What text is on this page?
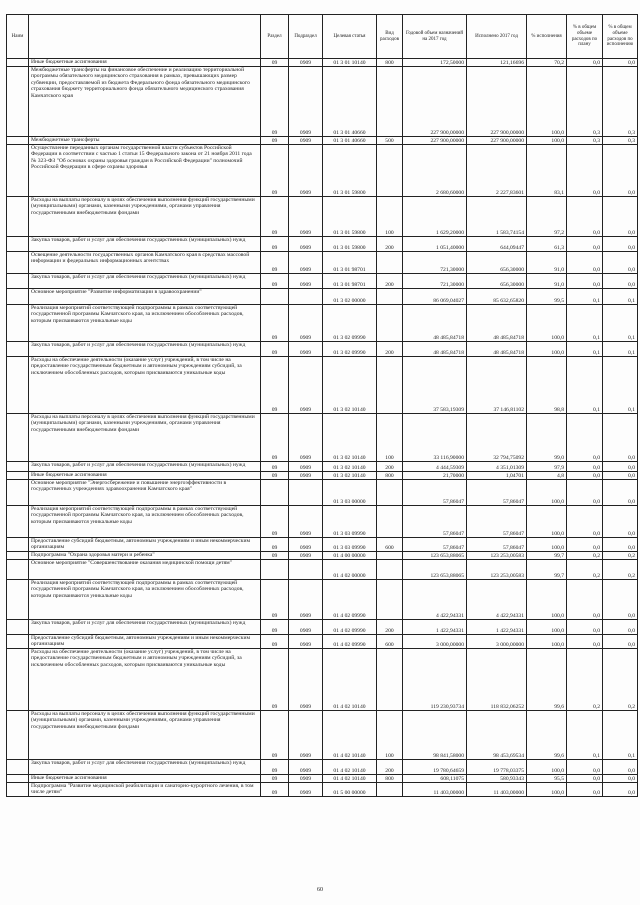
Наим		Раздел	Подраздел	Целевая статья	Вид расходов	Годовой объем назначений на 2017 год	Исполнено 2017 год	% исполнения	% в общем объеме расходов по плану	% в общем объеме расходов по исполнению
	Иные бюджетные ассигнования	09	0909	01 3 01 10140	800	172,50000	121,16696	70,2	0,0	0,0
	Межбюджетные трансферты на финансовое обеспечение и реализацию территориальной программы обязательного медицинского страхования в рамках, превышающих размер субвенции, предоставляемой из бюджета Федерального фонда обязательного медицинского страхования бюджету территориального фонда обязательного медицинского страхования Камчатского края	09	0909	01 3 01 40660		227 900,00000	227 900,00000	100,0	0,3	0,3
	Межбюджетные трансферты	09	0909	01 3 01 40660	500	227 900,00000	227 900,00000	100,0	0,3	0,3
	Осуществление переданных органам государственной власти субъектов Российской Федерации в соответствии с частью 1 статьи 15 Федерального закона от 21 ноября 2011 года № 323-ФЗ "Об основах охраны здоровья граждан в Российской Федерации" полномочий Российской Федерации в сфере охраны здоровья	09	0909	01 3 01 59800		2 680,60000	2 227,83601	83,1	0,0	0,0
	Расходы на выплаты персоналу в целях обеспечения выполнения функций государственными (муниципальными) органами, казенными учреждениями, органами управления государственными внебюджетными фондами	09	0909	01 3 01 59800	100	1 629,20000	1 583,74154	97,2	0,0	0,0
	Закупка товаров, работ и услуг для обеспечения государственных (муниципальных) нужд	09	0909	01 3 01 59800	200	1 051,40000	644,09447	61,3	0,0	0,0
	Освещение деятельности государственных органов Камчатского края в средствах массовой информации и федеральных информационных агентствах	09	0909	01 3 01 98701		721,30000	656,30000	91,0	0,0	0,0
	Закупка товаров, работ и услуг для обеспечения государственных (муниципальных) нужд	09	0909	01 3 01 98701	200	721,30000	656,30000	91,0	0,0	0,0
	Основное мероприятие "Развитие информатизации в здравоохранении"			01 3 02 00000		86 069,04027	85 632,65820	99,5	0,1	0,1
	Реализация мероприятий соответствующей подпрограммы в рамках соответствующей государственной программы Камчатского края, за исключением обособленных расходов, которым присваиваются уникальные коды	09	0909	01 3 02 09990		48 485,84718	48 485,84718	100,0	0,1	0,1
	Закупка товаров, работ и услуг для обеспечения государственных (муниципальных) нужд	09	0909	01 3 02 09990	200	48 485,84718	48 485,84718	100,0	0,1	0,1
	Расходы на обеспечение деятельности (оказание услуг) учреждений, в том числе на предоставление государственным бюджетным и автономным учреждениям субсидий, за исключением обособленных расходов, которым присваиваются уникальные коды	09	0909	01 3 02 10140		37 583,19309	37 146,81102	98,8	0,1	0,1
	Расходы на выплаты персоналу в целях обеспечения выполнения функций государственными (муниципальными) органами, казенными учреждениями, органами управления государственными внебюджетными фондами	09	0909	01 3 02 10140	100	33 116,90000	32 794,75092	99,0	0,0	0,0
	Закупка товаров, работ и услуг для обеспечения государственных (муниципальных) нужд	09	0909	01 3 02 10140	200	4 444,59309	4 351,01309	97,9	0,0	0,0
	Иные бюджетные ассигнования	09	0909	01 3 02 10140	800	21,70000	1,04701	4,8	0,0	0,0
	Основное мероприятие "Энергосбережение и повышение энергоэффективности в государственных учреждениях здравоохранения Камчатского края"			01 3 03 00000		57,86047	57,86047	100,0	0,0	0,0
	Реализация мероприятий соответствующей подпрограммы в рамках соответствующей государственной программы Камчатского края, за исключением обособленных расходов, которым присваиваются уникальные коды	09	0909	01 3 03 09990		57,86047	57,86047	100,0	0,0	0,0
	Предоставление субсидий бюджетным, автономным учреждениям и иным некоммерческим организациям	09	0909	01 3 03 09990	600	57,86047	57,86047	100,0	0,0	0,0
	Подпрограмма "Охрана здоровья матери и ребенка"	09	0909	01 4 00 00000		123 653,88065	123 253,00583	99,7	0,2	0,2
	Основное мероприятие "Совершенствование оказания медицинской помощи детям"			01 4 02 00000		123 653,88065	123 253,00583	99,7	0,2	0,2
	Реализация мероприятий соответствующей подпрограммы в рамках соответствующей государственной программы Камчатского края, за исключением обособленных расходов, которым присваиваются уникальные коды	09	0909	01 4 02 09990		4 422,94331	4 422,94331	100,0	0,0	0,0
	Закупка товаров, работ и услуг для обеспечения государственных (муниципальных) нужд	09	0909	01 4 02 09990	200	1 422,94331	1 422,94331	100,0	0,0	0,0
	Предоставление субсидий бюджетным, автономным учреждениям и иным некоммерческим организациям	09	0909	01 4 02 09990	600	3 000,00000	3 000,00000	100,0	0,0	0,0
	Расходы на обеспечение деятельности (оказание услуг) учреждений, в том числе на предоставление государственным бюджетным и автономным учреждениям субсидий, за исключением обособленных расходов, которым присваиваются уникальные коды	09	0909	01 4 02 10140		119 230,93734	118 832,06252	99,6	0,2	0,2
	Расходы на выплаты персоналу в целях обеспечения выполнения функций государственными (муниципальными) органами, казенными учреждениями, органами управления государственными внебюджетными фондами	09	0909	01 4 02 10140	100	98 841,58000	98 453,69534	99,6	0,1	0,1
	Закупка товаров, работ и услуг для обеспечения государственных (муниципальных) нужд	09	0909	01 4 02 10140	200	19 780,64659	19 778,03375	100,0	0,0	0,0
	Иные бюджетные ассигнования	09	0909	01 4 02 10140	800	608,11075	580,93343	95,5	0,0	0,0
	Подпрограмма "Развитие медицинской реабилитации и санаторно-курортного лечения, в том числе детям"	09	0909	01 5 00 00000		11 403,00000	11 403,00000	100,0	0,0	0,0
60
